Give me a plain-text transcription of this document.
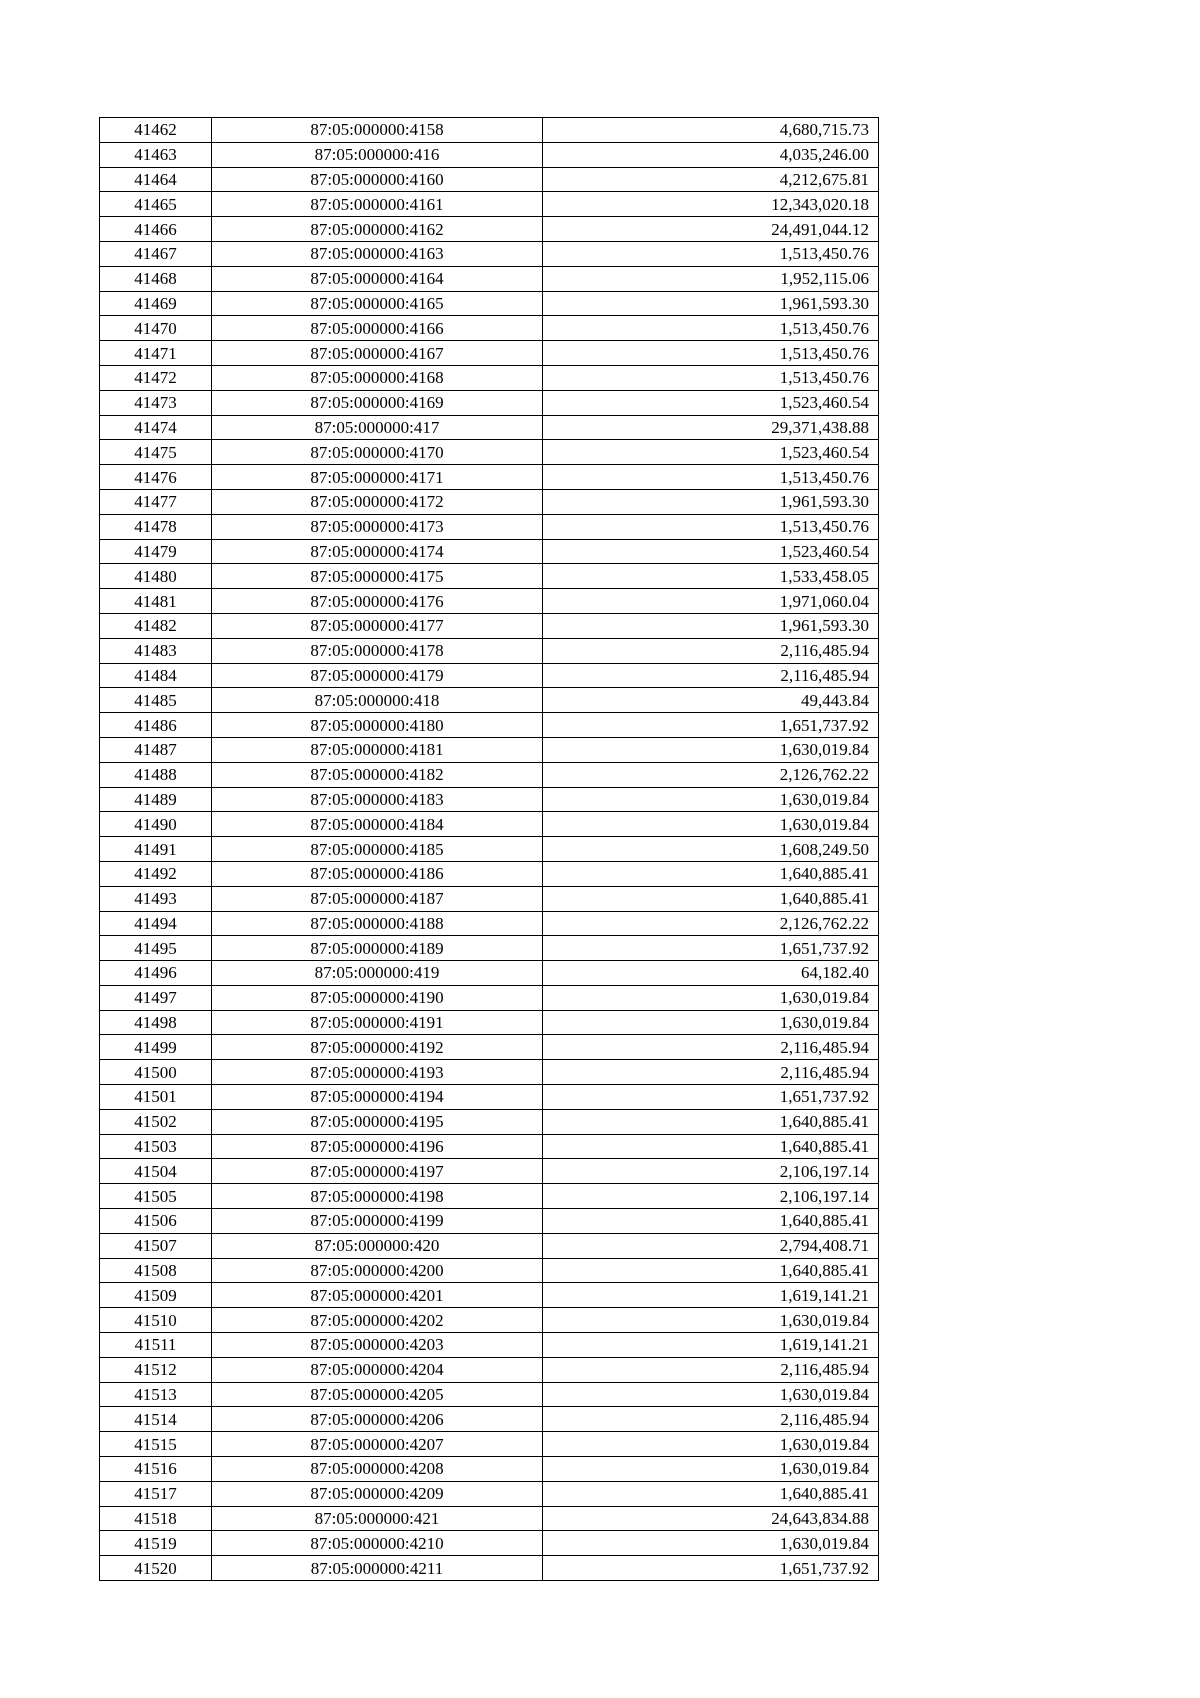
41462	87:05:000000:4158	4,680,715.73
41463	87:05:000000:416	4,035,246.00
41464	87:05:000000:4160	4,212,675.81
41465	87:05:000000:4161	12,343,020.18
41466	87:05:000000:4162	24,491,044.12
41467	87:05:000000:4163	1,513,450.76
41468	87:05:000000:4164	1,952,115.06
41469	87:05:000000:4165	1,961,593.30
41470	87:05:000000:4166	1,513,450.76
41471	87:05:000000:4167	1,513,450.76
41472	87:05:000000:4168	1,513,450.76
41473	87:05:000000:4169	1,523,460.54
41474	87:05:000000:417	29,371,438.88
41475	87:05:000000:4170	1,523,460.54
41476	87:05:000000:4171	1,513,450.76
41477	87:05:000000:4172	1,961,593.30
41478	87:05:000000:4173	1,513,450.76
41479	87:05:000000:4174	1,523,460.54
41480	87:05:000000:4175	1,533,458.05
41481	87:05:000000:4176	1,971,060.04
41482	87:05:000000:4177	1,961,593.30
41483	87:05:000000:4178	2,116,485.94
41484	87:05:000000:4179	2,116,485.94
41485	87:05:000000:418	49,443.84
41486	87:05:000000:4180	1,651,737.92
41487	87:05:000000:4181	1,630,019.84
41488	87:05:000000:4182	2,126,762.22
41489	87:05:000000:4183	1,630,019.84
41490	87:05:000000:4184	1,630,019.84
41491	87:05:000000:4185	1,608,249.50
41492	87:05:000000:4186	1,640,885.41
41493	87:05:000000:4187	1,640,885.41
41494	87:05:000000:4188	2,126,762.22
41495	87:05:000000:4189	1,651,737.92
41496	87:05:000000:419	64,182.40
41497	87:05:000000:4190	1,630,019.84
41498	87:05:000000:4191	1,630,019.84
41499	87:05:000000:4192	2,116,485.94
41500	87:05:000000:4193	2,116,485.94
41501	87:05:000000:4194	1,651,737.92
41502	87:05:000000:4195	1,640,885.41
41503	87:05:000000:4196	1,640,885.41
41504	87:05:000000:4197	2,106,197.14
41505	87:05:000000:4198	2,106,197.14
41506	87:05:000000:4199	1,640,885.41
41507	87:05:000000:420	2,794,408.71
41508	87:05:000000:4200	1,640,885.41
41509	87:05:000000:4201	1,619,141.21
41510	87:05:000000:4202	1,630,019.84
41511	87:05:000000:4203	1,619,141.21
41512	87:05:000000:4204	2,116,485.94
41513	87:05:000000:4205	1,630,019.84
41514	87:05:000000:4206	2,116,485.94
41515	87:05:000000:4207	1,630,019.84
41516	87:05:000000:4208	1,630,019.84
41517	87:05:000000:4209	1,640,885.41
41518	87:05:000000:421	24,643,834.88
41519	87:05:000000:4210	1,630,019.84
41520	87:05:000000:4211	1,651,737.92
